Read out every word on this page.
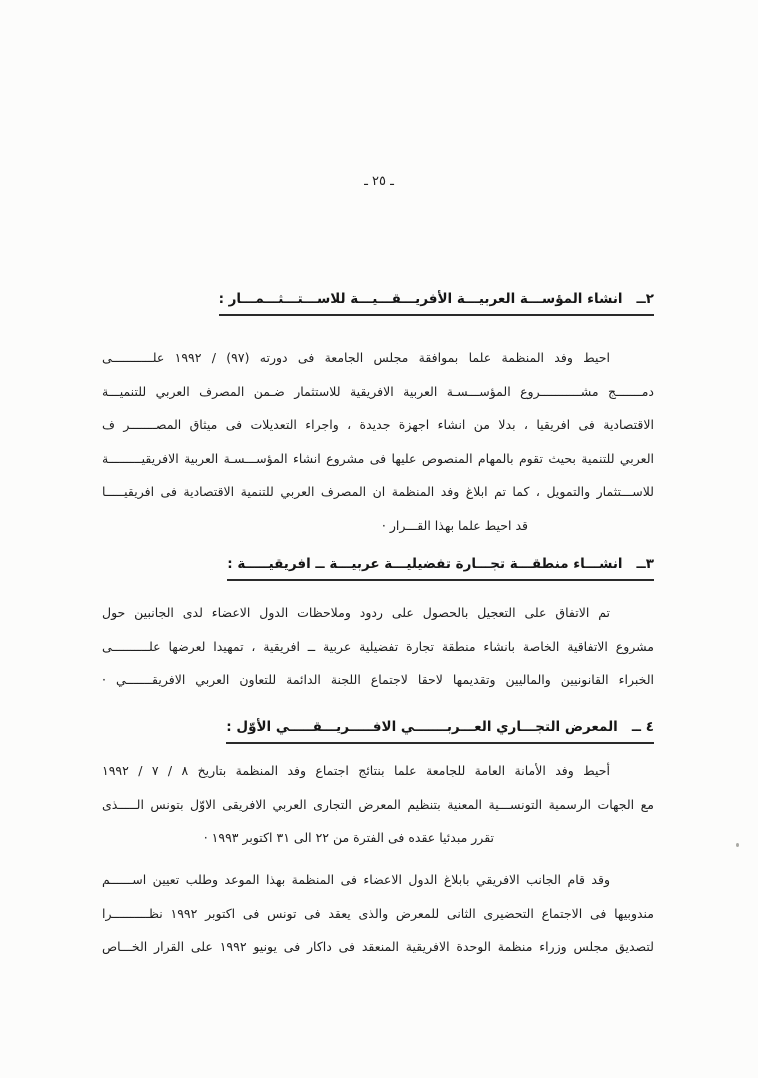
ـ ٢٥ ـ
٢ــانشاء المؤســـة العربيـــة الأفريـــقـــيـــة للاســـتـــثـــمـــار :
احيط وفد المنظمة علما بموافقة مجلس الجامعة فى دورته (٩٧) / ١٩٩٢ علـــــــــــى
دمـــــــج مشـــــــــــروع المؤســـسـة العربية الافريقية للاستثمار ضـمن المصرف العربي للتنميـــة
الاقتصادية فى افريقيا ، بدلا من انشاء اجهزة جديدة ، واجراء التعديلات فى ميثاق المصـــــــر ف
العربي للتنمية بحيث تقوم بالمهام المنصوص عليها فى مشروع انشاء المؤســـسـة العربية الافريقيـــــــــة
للاســـتثمار والتمويل ، كما تم ابلاغ وفد المنظمة ان المصرف العربي للتنمية الاقتصادية فى افريقيـــــا
قد احيط علما بهذا القـــرار ·
٣ــانشـــاء منطقـــة تجـــارة تفضيليـــة عربيـــة ــ افريقيـــــة :
تم الاتفاق على التعجيل بالحصول على ردود وملاحظات الدول الاعضاء لدى الجانبين حول
مشروع الاتفاقية الخاصة بانشاء منطقة تجارة تفضيلية عربية ــ افريقية ، تمهيدا لعرضها علــــــــــى
الخبراء القانونيين والماليين وتقديمها لاحقا لاجتماع اللجنة الدائمة للتعاون العربي الافريقـــــــي ·
٤ ــالمعرض التجـــاري العـــربـــــــي الافـــــريـــقـــــي الأوّل :
أحيط وفد الأمانة العامة للجامعة علما بنتائج اجتماع وفد المنظمة بتاريخ ٨ / ٧ / ١٩٩٢
مع الجهات الرسمية التونســـية المعنية بتنظيم المعرض التجارى العربي الافريقى الاوّل بتونس الـــــذى
تقرر مبدئيا عقده فى الفترة من ٢٢ الى ٣١ اكتوبر ١٩٩٣ ·
وقد قام الجانب الافريقي بابلاغ الدول الاعضاء فى المنظمة بهذا الموعد وطلب تعيين اســــــم
مندوبيها فى الاجتماع التحضيرى الثانى للمعرض والذى يعقد فى تونس فى اكتوبر ١٩٩٢ نظــــــــــرا
لتصديق مجلس وزراء منظمة الوحدة الافريقية المنعقد فى داكار فى يونيو ١٩٩٢ على القرار الخـــاص
